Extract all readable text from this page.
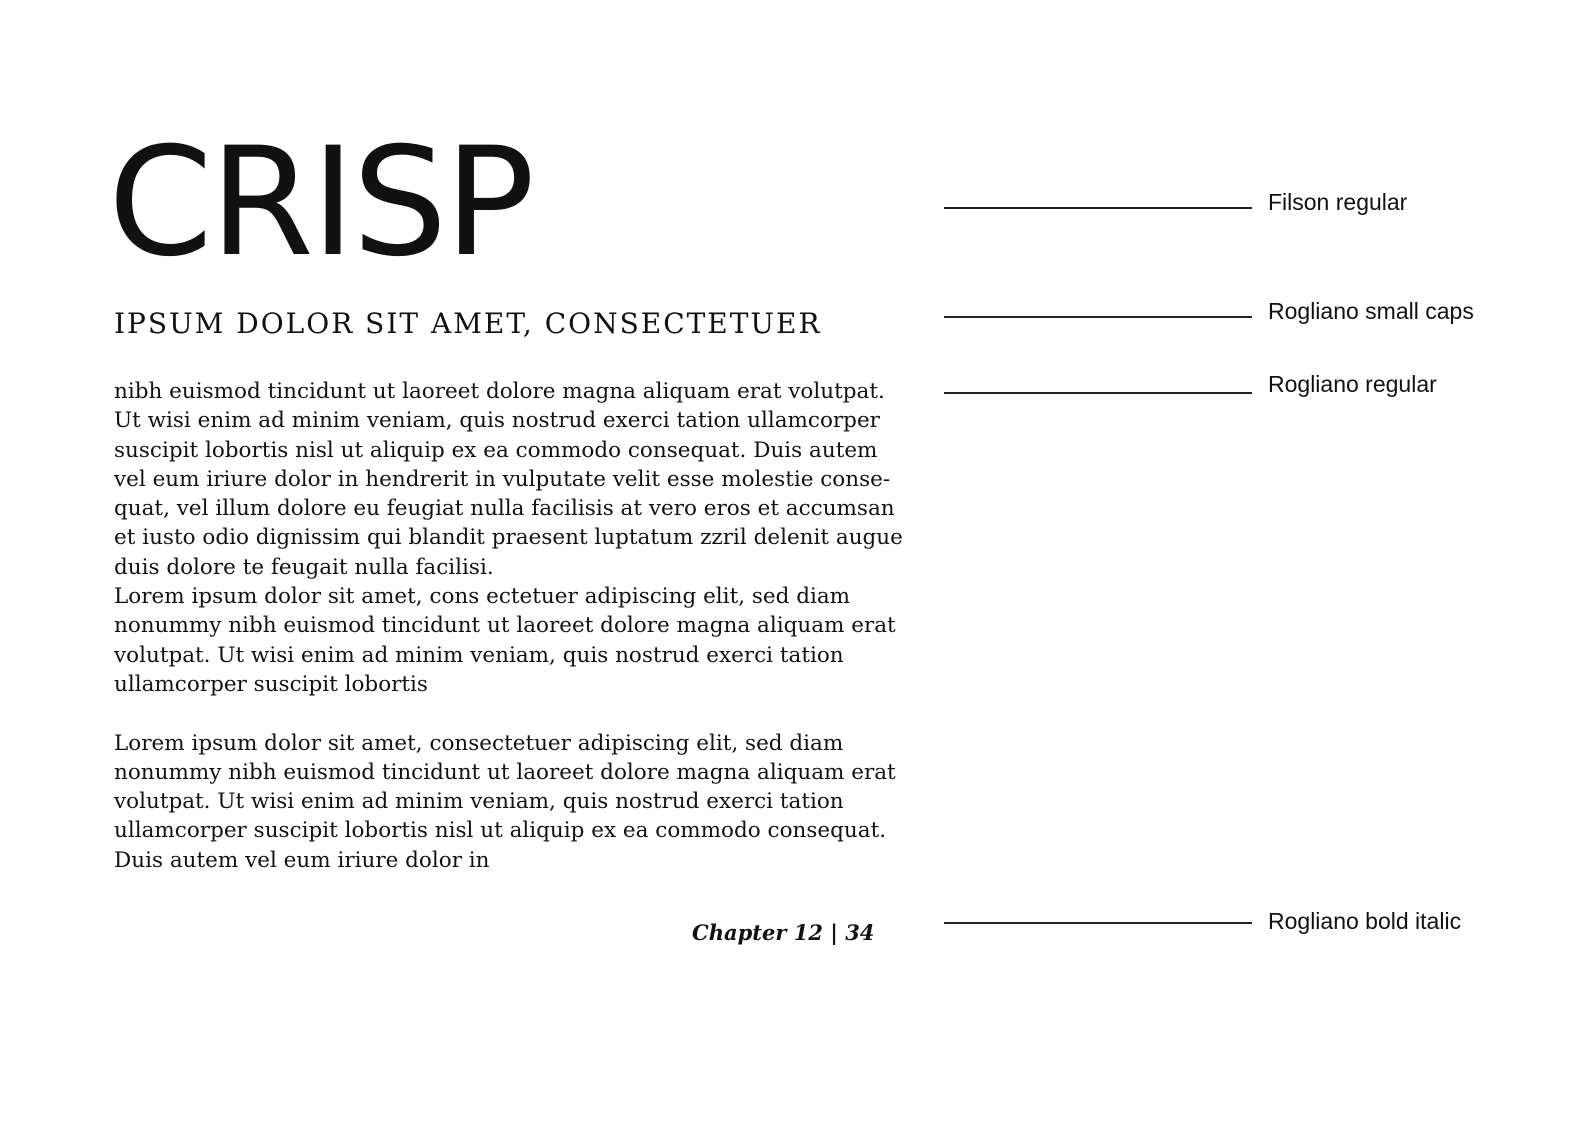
CRISP
IPSUM DOLOR SIT AMET, CONSECTETUER

nibh euismod tincidunt ut laoreet dolore magna aliquam erat volutpat.
Ut wisi enim ad minim veniam, quis nostrud exerci tation ullamcorper
suscipit lobortis nisl ut aliquip ex ea commodo consequat. Duis autem
vel eum iriure dolor in hendrerit in vulputate velit esse molestie conse-
quat, vel illum dolore eu feugiat nulla facilisis at vero eros et accumsan
et iusto odio dignissim qui blandit praesent luptatum zzril delenit augue
duis dolore te feugait nulla facilisi.

Lorem ipsum dolor sit amet, cons ectetuer adipiscing elit, sed diam
nonummy nibh euismod tincidunt ut laoreet dolore magna aliquam erat
volutpat. Ut wisi enim ad minim veniam, quis nostrud exerci tation
ullamcorper suscipit lobortis

Lorem ipsum dolor sit amet, consectetuer adipiscing elit, sed diam
nonummy nibh euismod tincidunt ut laoreet dolore magna aliquam erat
volutpat. Ut wisi enim ad minim veniam, quis nostrud exerci tation
ullamcorper suscipit lobortis nisl ut aliquip ex ea commodo consequat.
Duis autem vel eum iriure dolor in

Chapter 12 | 34

Filson regular

Rogliano small caps

Rogliano regular

Rogliano bold italic
